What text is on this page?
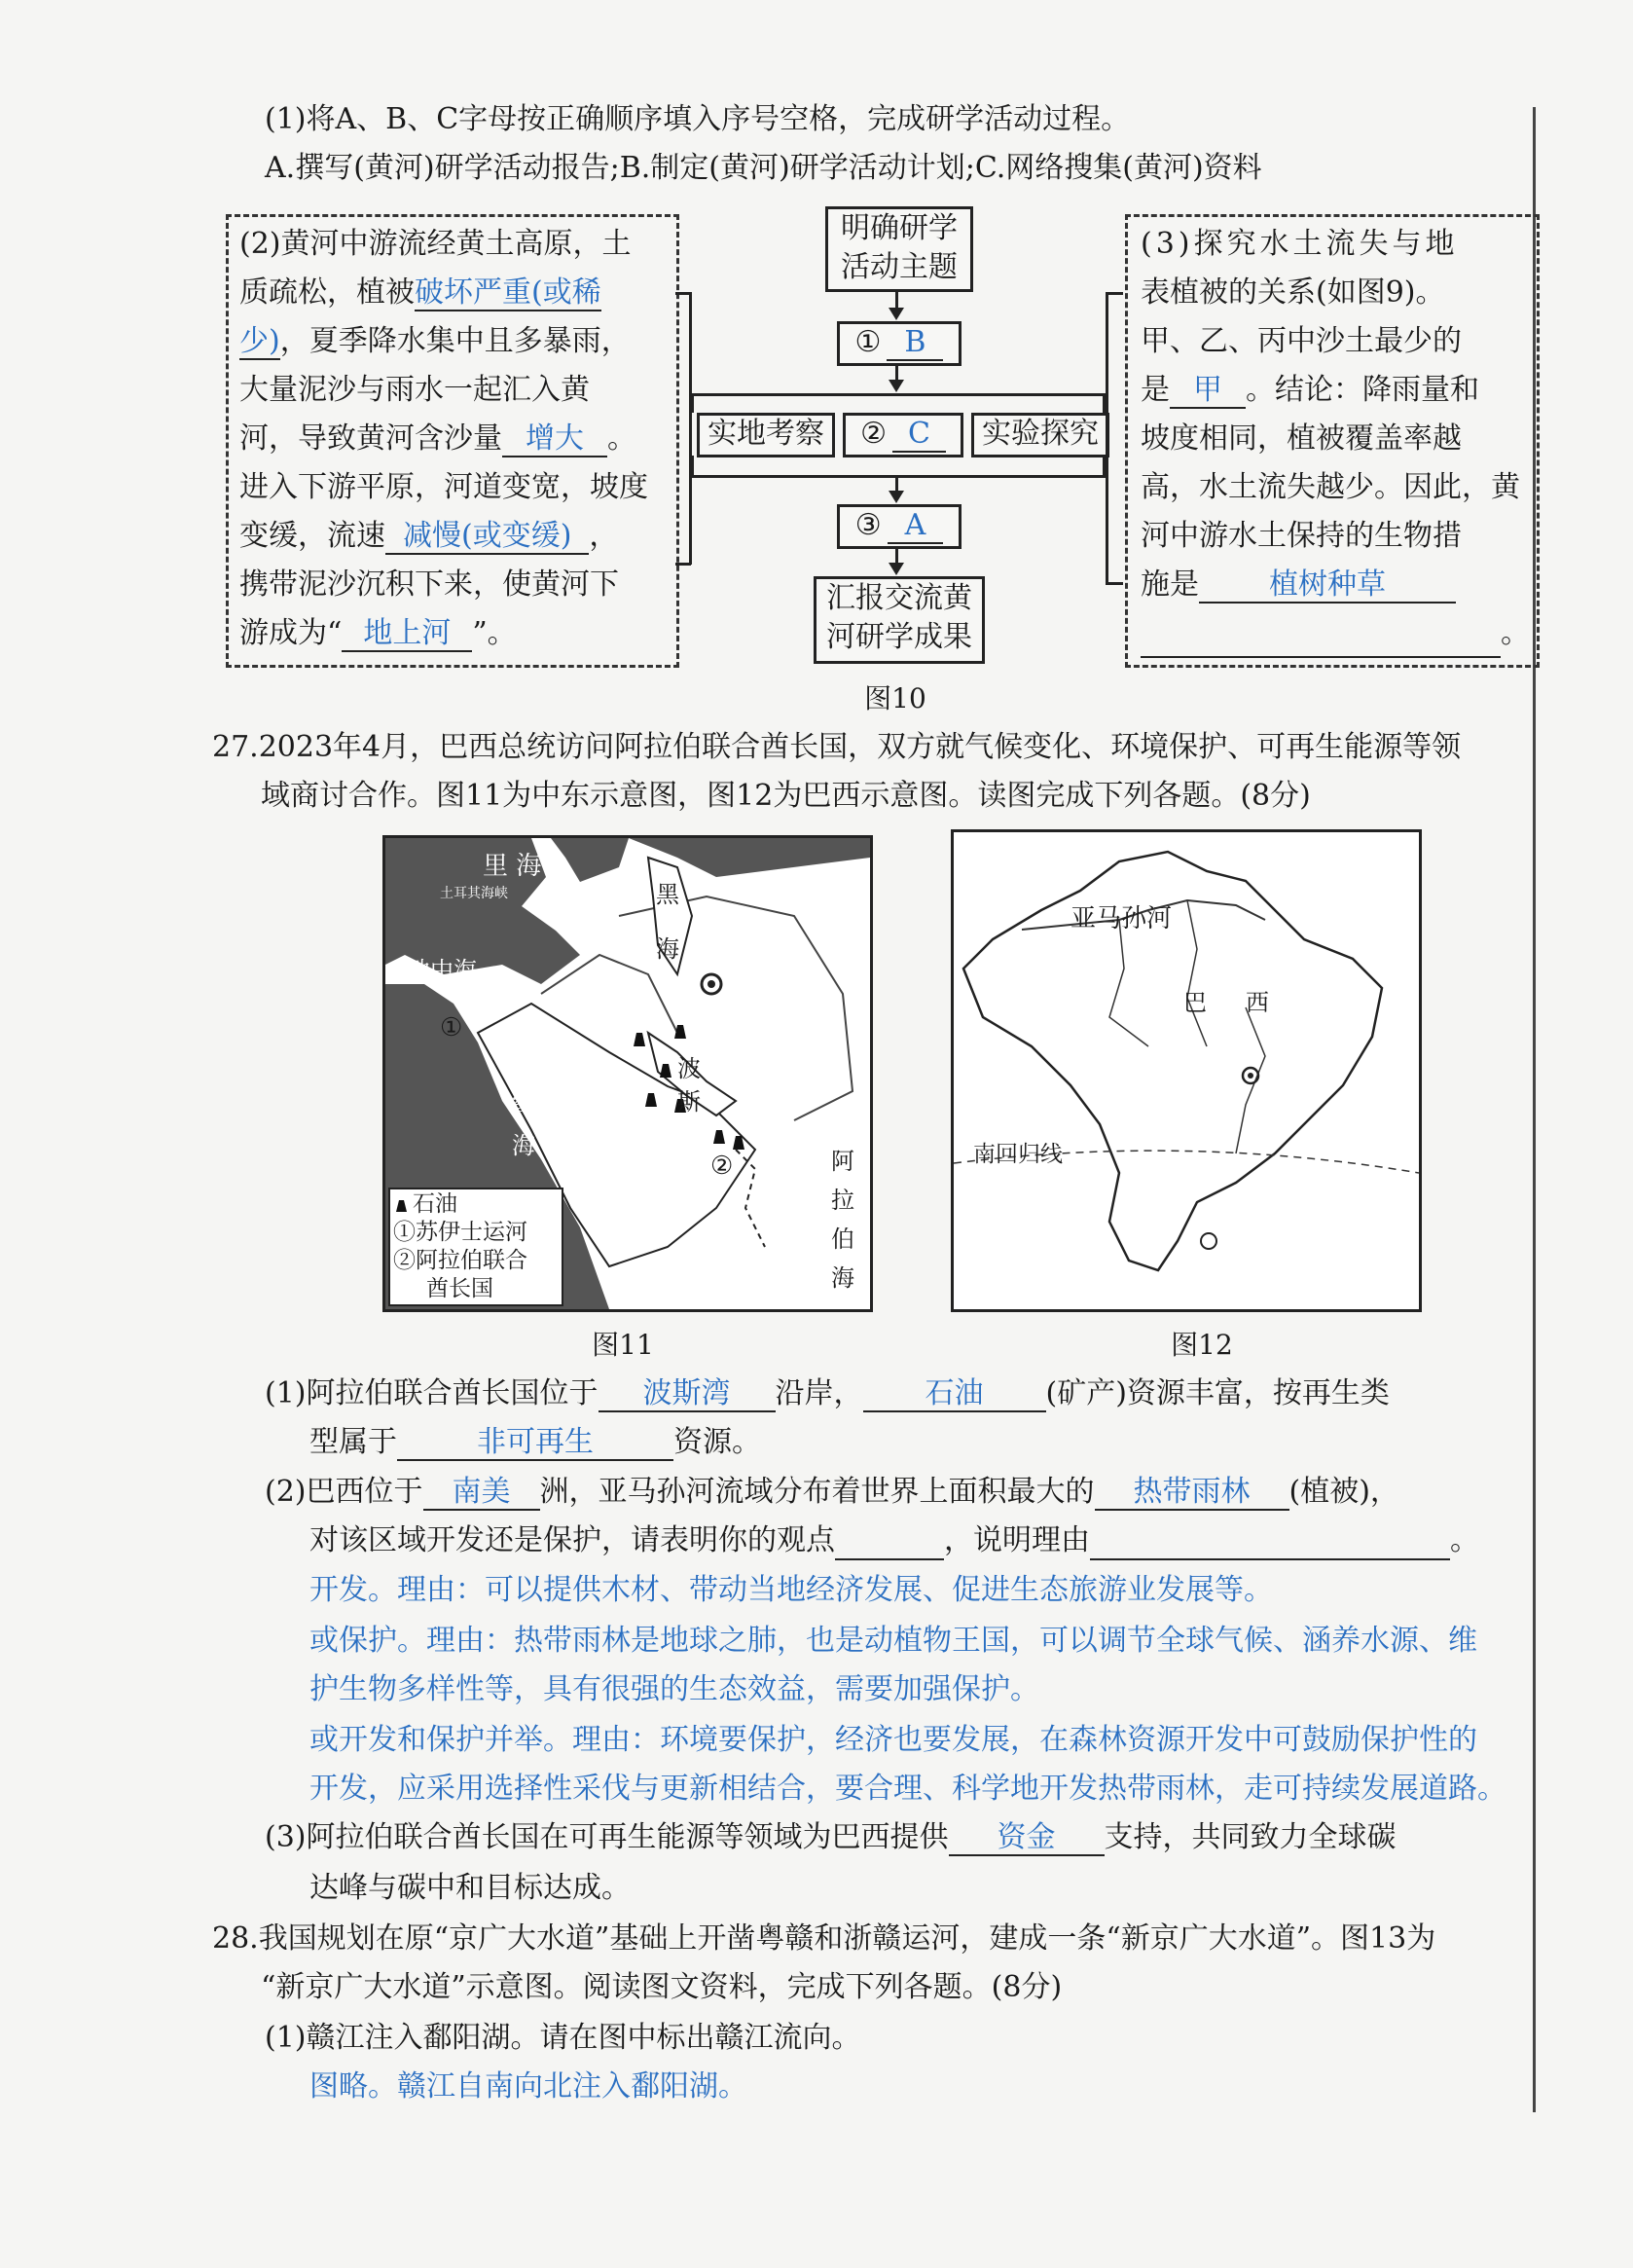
(1)将A、B、C字母按正确顺序填入序号空格，完成研学活动过程。
A.撰写(黄河)研学活动报告;B.制定(黄河)研学活动计划;C.网络搜集(黄河)资料
(2)黄河中游流经黄土高原，土
质疏松，植被破坏严重(或稀
少)，夏季降水集中且多暴雨，
大量泥沙与雨水一起汇入黄
河，导致黄河含沙量 增大 。
进入下游平原，河道变宽，坡度
变缓，流速 减慢(或变缓) ，
携带泥沙沉积下来，使黄河下
游成为“ 地上河 ”。
明确研学
活动主题
① B
实地考察	② C	实验探究
③ A
汇报交流黄
河研学成果
(3)探究水土流失与地
表植被的关系(如图9)。
甲、乙、丙中沙土最少的
是 甲 。结论：降雨量和
坡度相同，植被覆盖率越
高，水土流失越少。因此，黄
河中游水土保持的生物措
施是 植树种草
。
图10
27.2023年4月，巴西总统访问阿拉伯联合酋长国，双方就气候变化、环境保护、可再生能源等领
域商讨合作。图11为中东示意图，图12为巴西示意图。读图完成下列各题。(8分)
里 海
黑
海
土耳其海峡
地中海
①
红
海
波
斯
②	阿
拉
伯
海
石油
①苏伊士运河
②阿拉伯联合
酋长国
图11
亚马孙河
巴 西
南回归线
图12
(1)阿拉伯联合酋长国位于 波斯湾 沿岸， 石油 (矿产)资源丰富，按再生类
型属于	非可再生	资源。
(2)巴西位于 南美 洲，亚马孙河流域分布着世界上面积最大的 热带雨林 (植被)，
对该区域开发还是保护，请表明你的观点	，说明理由	。
开发。理由：可以提供木材、带动当地经济发展、促进生态旅游业发展等。
或保护。理由：热带雨林是地球之肺，也是动植物王国，可以调节全球气候、涵养水源、维
护生物多样性等，具有很强的生态效益，需要加强保护。
或开发和保护并举。理由：环境要保护，经济也要发展，在森林资源开发中可鼓励保护性的
开发，应采用选择性采伐与更新相结合，要合理、科学地开发热带雨林，走可持续发展道路。
(3)阿拉伯联合酋长国在可再生能源等领域为巴西提供 资金 支持，共同致力全球碳
达峰与碳中和目标达成。
28.我国规划在原“京广大水道”基础上开凿粤赣和浙赣运河，建成一条“新京广大水道”。图13为
“新京广大水道”示意图。阅读图文资料，完成下列各题。(8分)
(1)赣江注入鄱阳湖。请在图中标出赣江流向。
图略。赣江自南向北注入鄱阳湖。
